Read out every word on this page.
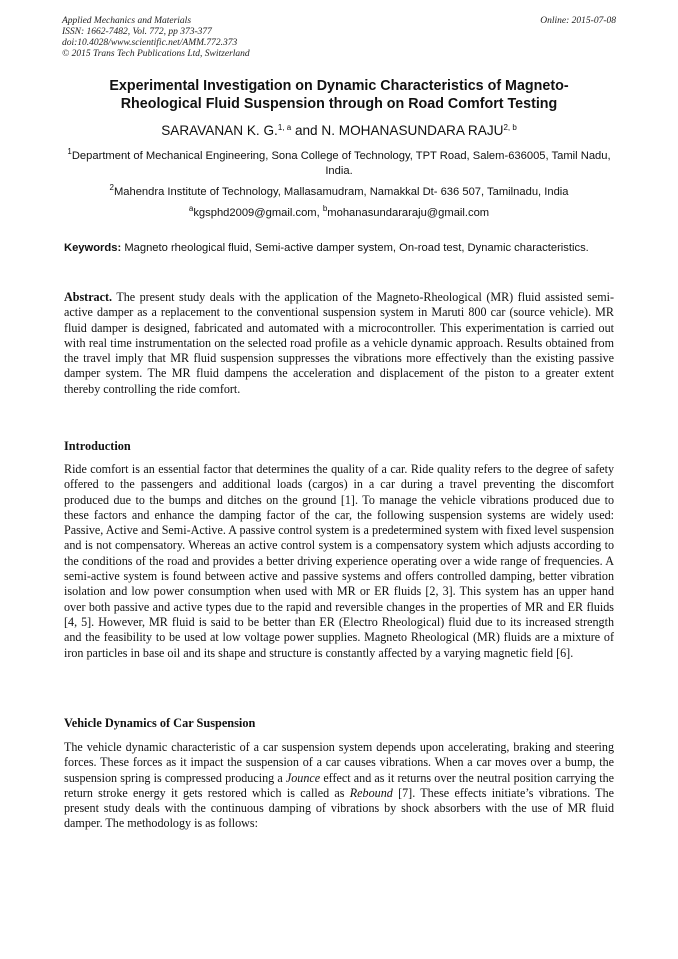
Applied Mechanics and Materials
ISSN: 1662-7482, Vol. 772, pp 373-377
doi:10.4028/www.scientific.net/AMM.772.373
© 2015 Trans Tech Publications Ltd, Switzerland
Online: 2015-07-08
Experimental Investigation on Dynamic Characteristics of Magneto-
Rheological Fluid Suspension through on Road Comfort Testing
SARAVANAN K. G.$^{1, a}$ and N. MOHANASUNDARA RAJU$^{2, b}$
$^1$Department of Mechanical Engineering, Sona College of Technology, TPT Road, Salem-636005, Tamil Nadu, India.
$^2$Mahendra Institute of Technology, Mallasamudram, Namakkal Dt- 636 507, Tamilnadu, India
$^a$kgsphd2009@gmail.com, $^b$mohanasundararaju@gmail.com
Keywords: Magneto rheological fluid, Semi-active damper system, On-road test, Dynamic characteristics.
Abstract. The present study deals with the application of the Magneto-Rheological (MR) fluid assisted semi-active damper as a replacement to the conventional suspension system in Maruti 800 car (source vehicle). MR fluid damper is designed, fabricated and automated with a microcontroller. This experimentation is carried out with real time instrumentation on the selected road profile as a vehicle dynamic approach. Results obtained from the travel imply that MR fluid suspension suppresses the vibrations more effectively than the existing passive damper system. The MR fluid dampens the acceleration and displacement of the piston to a greater extent thereby controlling the ride comfort.
Introduction
Ride comfort is an essential factor that determines the quality of a car. Ride quality refers to the degree of safety offered to the passengers and additional loads (cargos) in a car during a travel preventing the discomfort produced due to the bumps and ditches on the ground [1]. To manage the vehicle vibrations produced due to these factors and enhance the damping factor of the car, the following suspension systems are widely used: Passive, Active and Semi-Active. A passive control system is a predetermined system with fixed level suspension and is not compensatory. Whereas an active control system is a compensatory system which adjusts according to the conditions of the road and provides a better driving experience operating over a wide range of frequencies. A semi-active system is found between active and passive systems and offers controlled damping, better vibration isolation and low power consumption when used with MR or ER fluids [2, 3]. This system has an upper hand over both passive and active types due to the rapid and reversible changes in the properties of MR and ER fluids [4, 5]. However, MR fluid is said to be better than ER (Electro Rheological) fluid due to its increased strength and the feasibility to be used at low voltage power supplies. Magneto Rheological (MR) fluids are a mixture of iron particles in base oil and its shape and structure is constantly affected by a varying magnetic field [6].
Vehicle Dynamics of Car Suspension
The vehicle dynamic characteristic of a car suspension system depends upon accelerating, braking and steering forces. These forces as it impact the suspension of a car causes vibrations. When a car moves over a bump, the suspension spring is compressed producing a Jounce effect and as it returns over the neutral position carrying the return stroke energy it gets restored which is called as Rebound [7]. These effects initiate’s vibrations. The present study deals with the continuous damping of vibrations by shock absorbers with the use of MR fluid damper. The methodology is as follows:
